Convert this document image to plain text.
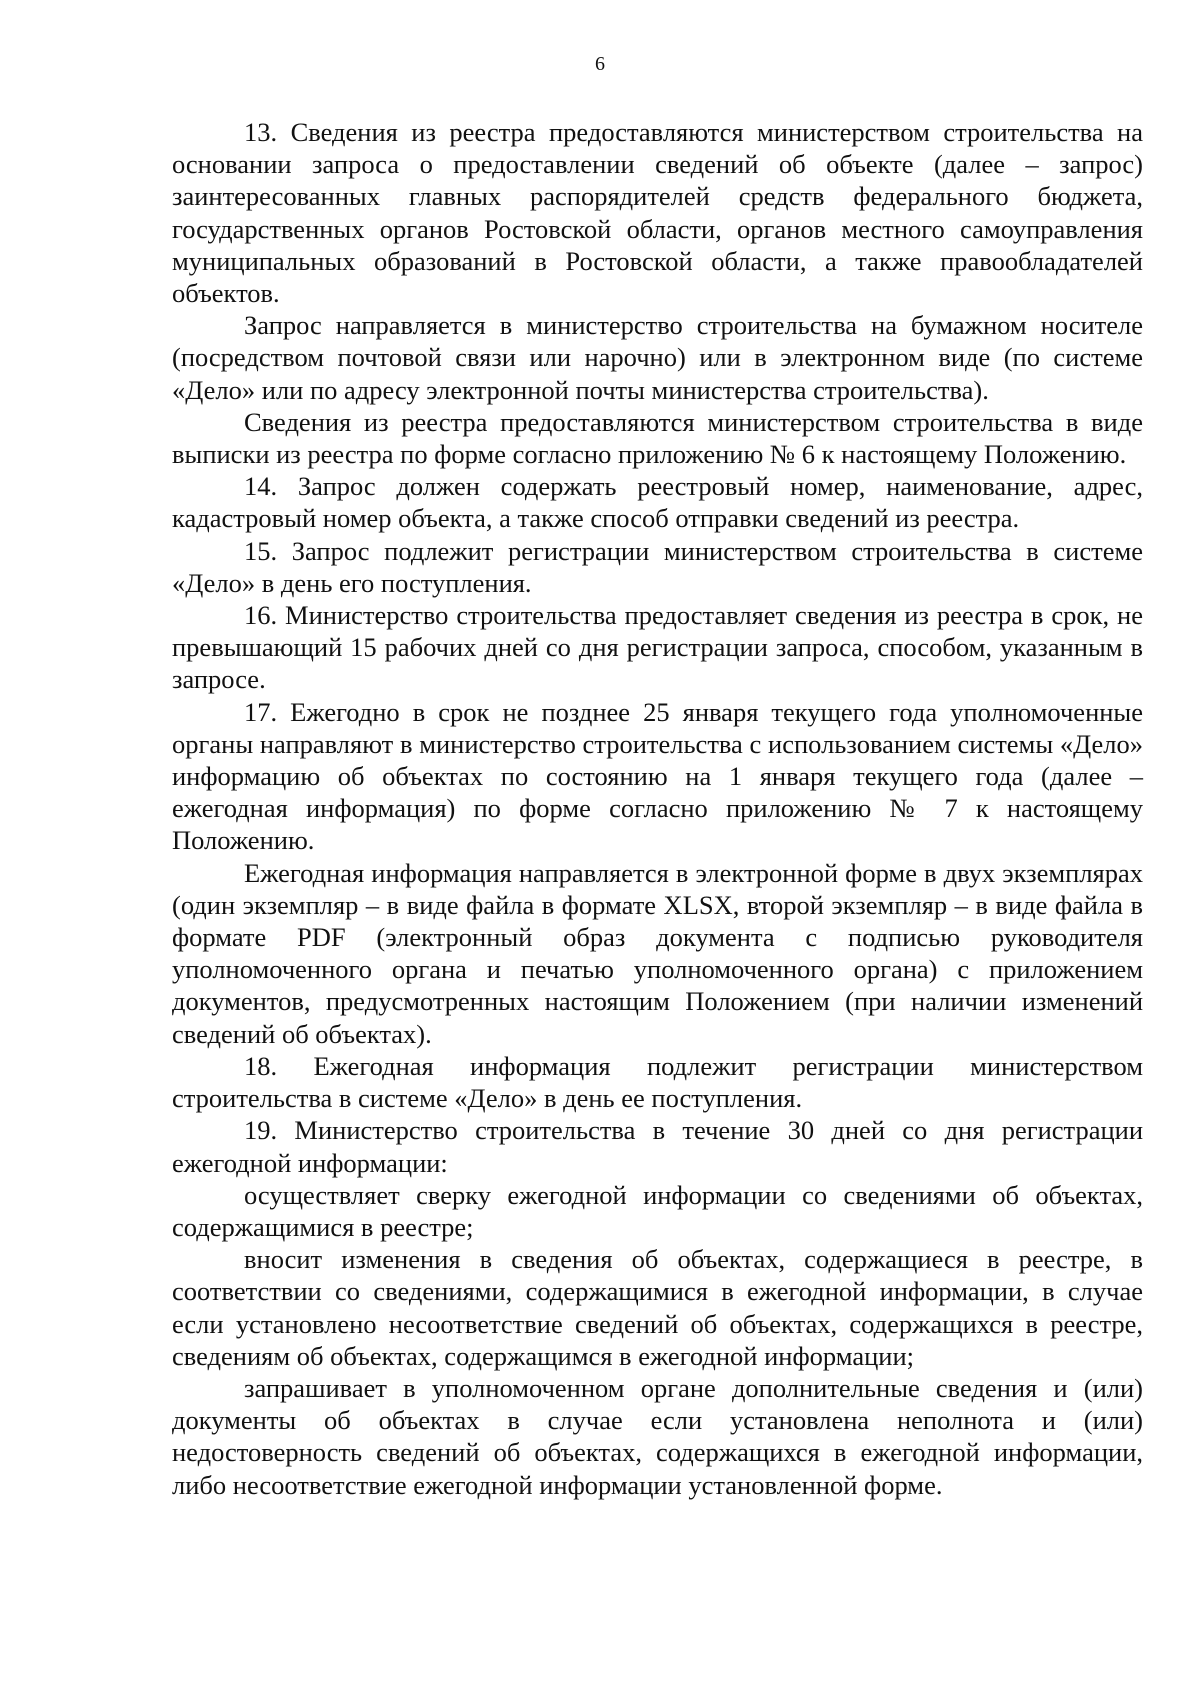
6

13. Сведения из реестра предоставляются министерством строительства на основании запроса о предоставлении сведений об объекте (далее – запрос) заинтересованных главных распорядителей средств федерального бюджета, государственных органов Ростовской области, органов местного самоуправления муниципальных образований в Ростовской области, а также правообладателей объектов.

Запрос направляется в министерство строительства на бумажном носителе (посредством почтовой связи или нарочно) или в электронном виде (по системе «Дело» или по адресу электронной почты министерства строительства).

Сведения из реестра предоставляются министерством строительства в виде выписки из реестра по форме согласно приложению № 6 к настоящему Положению.

14. Запрос должен содержать реестровый номер, наименование, адрес, кадастровый номер объекта, а также способ отправки сведений из реестра.

15. Запрос подлежит регистрации министерством строительства в системе «Дело» в день его поступления.

16. Министерство строительства предоставляет сведения из реестра в срок, не превышающий 15 рабочих дней со дня регистрации запроса, способом, указанным в запросе.

17. Ежегодно в срок не позднее 25 января текущего года уполномоченные органы направляют в министерство строительства с использованием системы «Дело» информацию об объектах по состоянию на 1 января текущего года (далее – ежегодная информация) по форме согласно приложению № 7 к настоящему Положению.

Ежегодная информация направляется в электронной форме в двух экземплярах (один экземпляр – в виде файла в формате XLSX, второй экземпляр – в виде файла в формате PDF (электронный образ документа с подписью руководителя уполномоченного органа и печатью уполномоченного органа) с приложением документов, предусмотренных настоящим Положением (при наличии изменений сведений об объектах).

18. Ежегодная информация подлежит регистрации министерством строительства в системе «Дело» в день ее поступления.

19. Министерство строительства в течение 30 дней со дня регистрации ежегодной информации:

осуществляет сверку ежегодной информации со сведениями об объектах, содержащимися в реестре;

вносит изменения в сведения об объектах, содержащиеся в реестре, в соответствии со сведениями, содержащимися в ежегодной информации, в случае если установлено несоответствие сведений об объектах, содержащихся в реестре, сведениям об объектах, содержащимся в ежегодной информации;

запрашивает в уполномоченном органе дополнительные сведения и (или) документы об объектах в случае если установлена неполнота и (или) недостоверность сведений об объектах, содержащихся в ежегодной информации, либо несоответствие ежегодной информации установленной форме.
